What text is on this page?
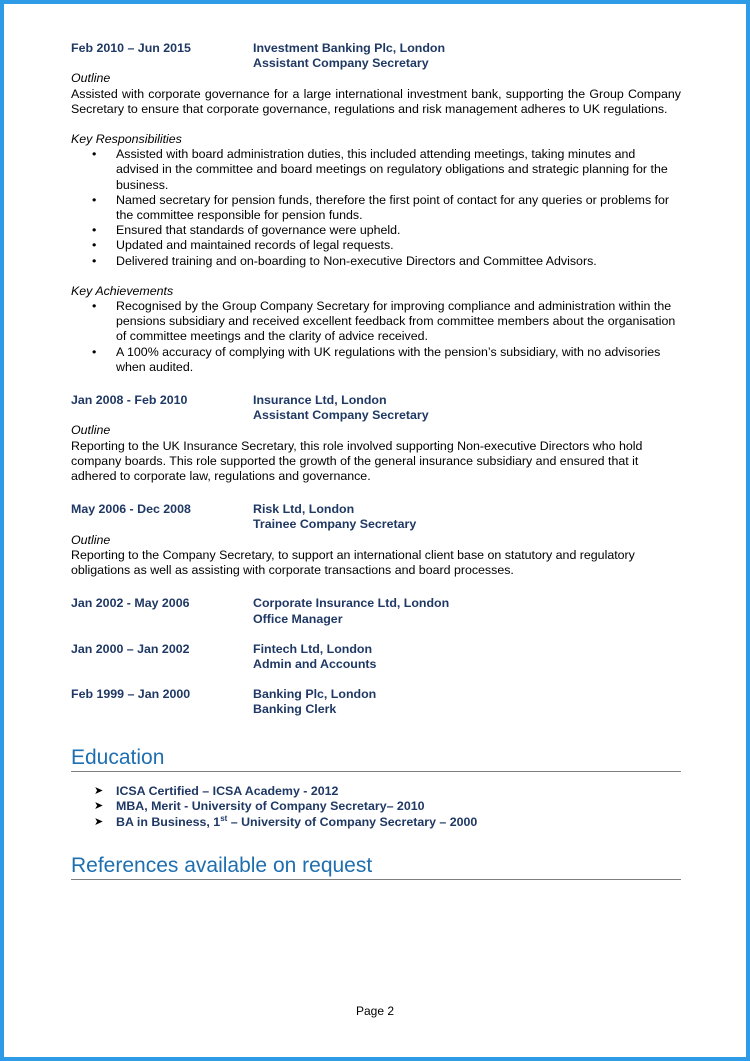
Feb 2010 – Jun 2015	Investment Banking Plc, London
Assistant Company Secretary
Outline

Assisted with corporate governance for a large international investment bank, supporting the Group Company Secretary to ensure that corporate governance, regulations and risk management adheres to UK regulations.

Key Responsibilities
• Assisted with board administration duties, this included attending meetings, taking minutes and advised in the committee and board meetings on regulatory obligations and strategic planning for the business.
• Named secretary for pension funds, therefore the first point of contact for any queries or problems for the committee responsible for pension funds.
• Ensured that standards of governance were upheld.
• Updated and maintained records of legal requests.
• Delivered training and on-boarding to Non-executive Directors and Committee Advisors.
Key Achievements
• Recognised by the Group Company Secretary for improving compliance and administration within the pensions subsidiary and received excellent feedback from committee members about the organisation of committee meetings and the clarity of advice received.
• A 100% accuracy of complying with UK regulations with the pension’s subsidiary, with no advisories when audited.
Jan 2008 - Feb 2010	Insurance Ltd, London
Assistant Company Secretary
Outline

Reporting to the UK Insurance Secretary, this role involved supporting Non-executive Directors who hold company boards. This role supported the growth of the general insurance subsidiary and ensured that it adhered to corporate law, regulations and governance.

May 2006 - Dec 2008	Risk Ltd, London
Trainee Company Secretary
Outline

Reporting to the Company Secretary, to support an international client base on statutory and regulatory obligations as well as assisting with corporate transactions and board processes.

Jan 2002 - May 2006	Corporate Insurance Ltd, London
Office Manager
Jan 2000 – Jan 2002	Fintech Ltd, London
Admin and Accounts
Feb 1999 – Jan 2000	Banking Plc, London
Banking Clerk
Education
➤ ICSA Certified – ICSA Academy - 2012
➤ MBA, Merit - University of Company Secretary– 2010
➤ BA in Business, 1st – University of Company Secretary – 2000
References available on request
Page 2
